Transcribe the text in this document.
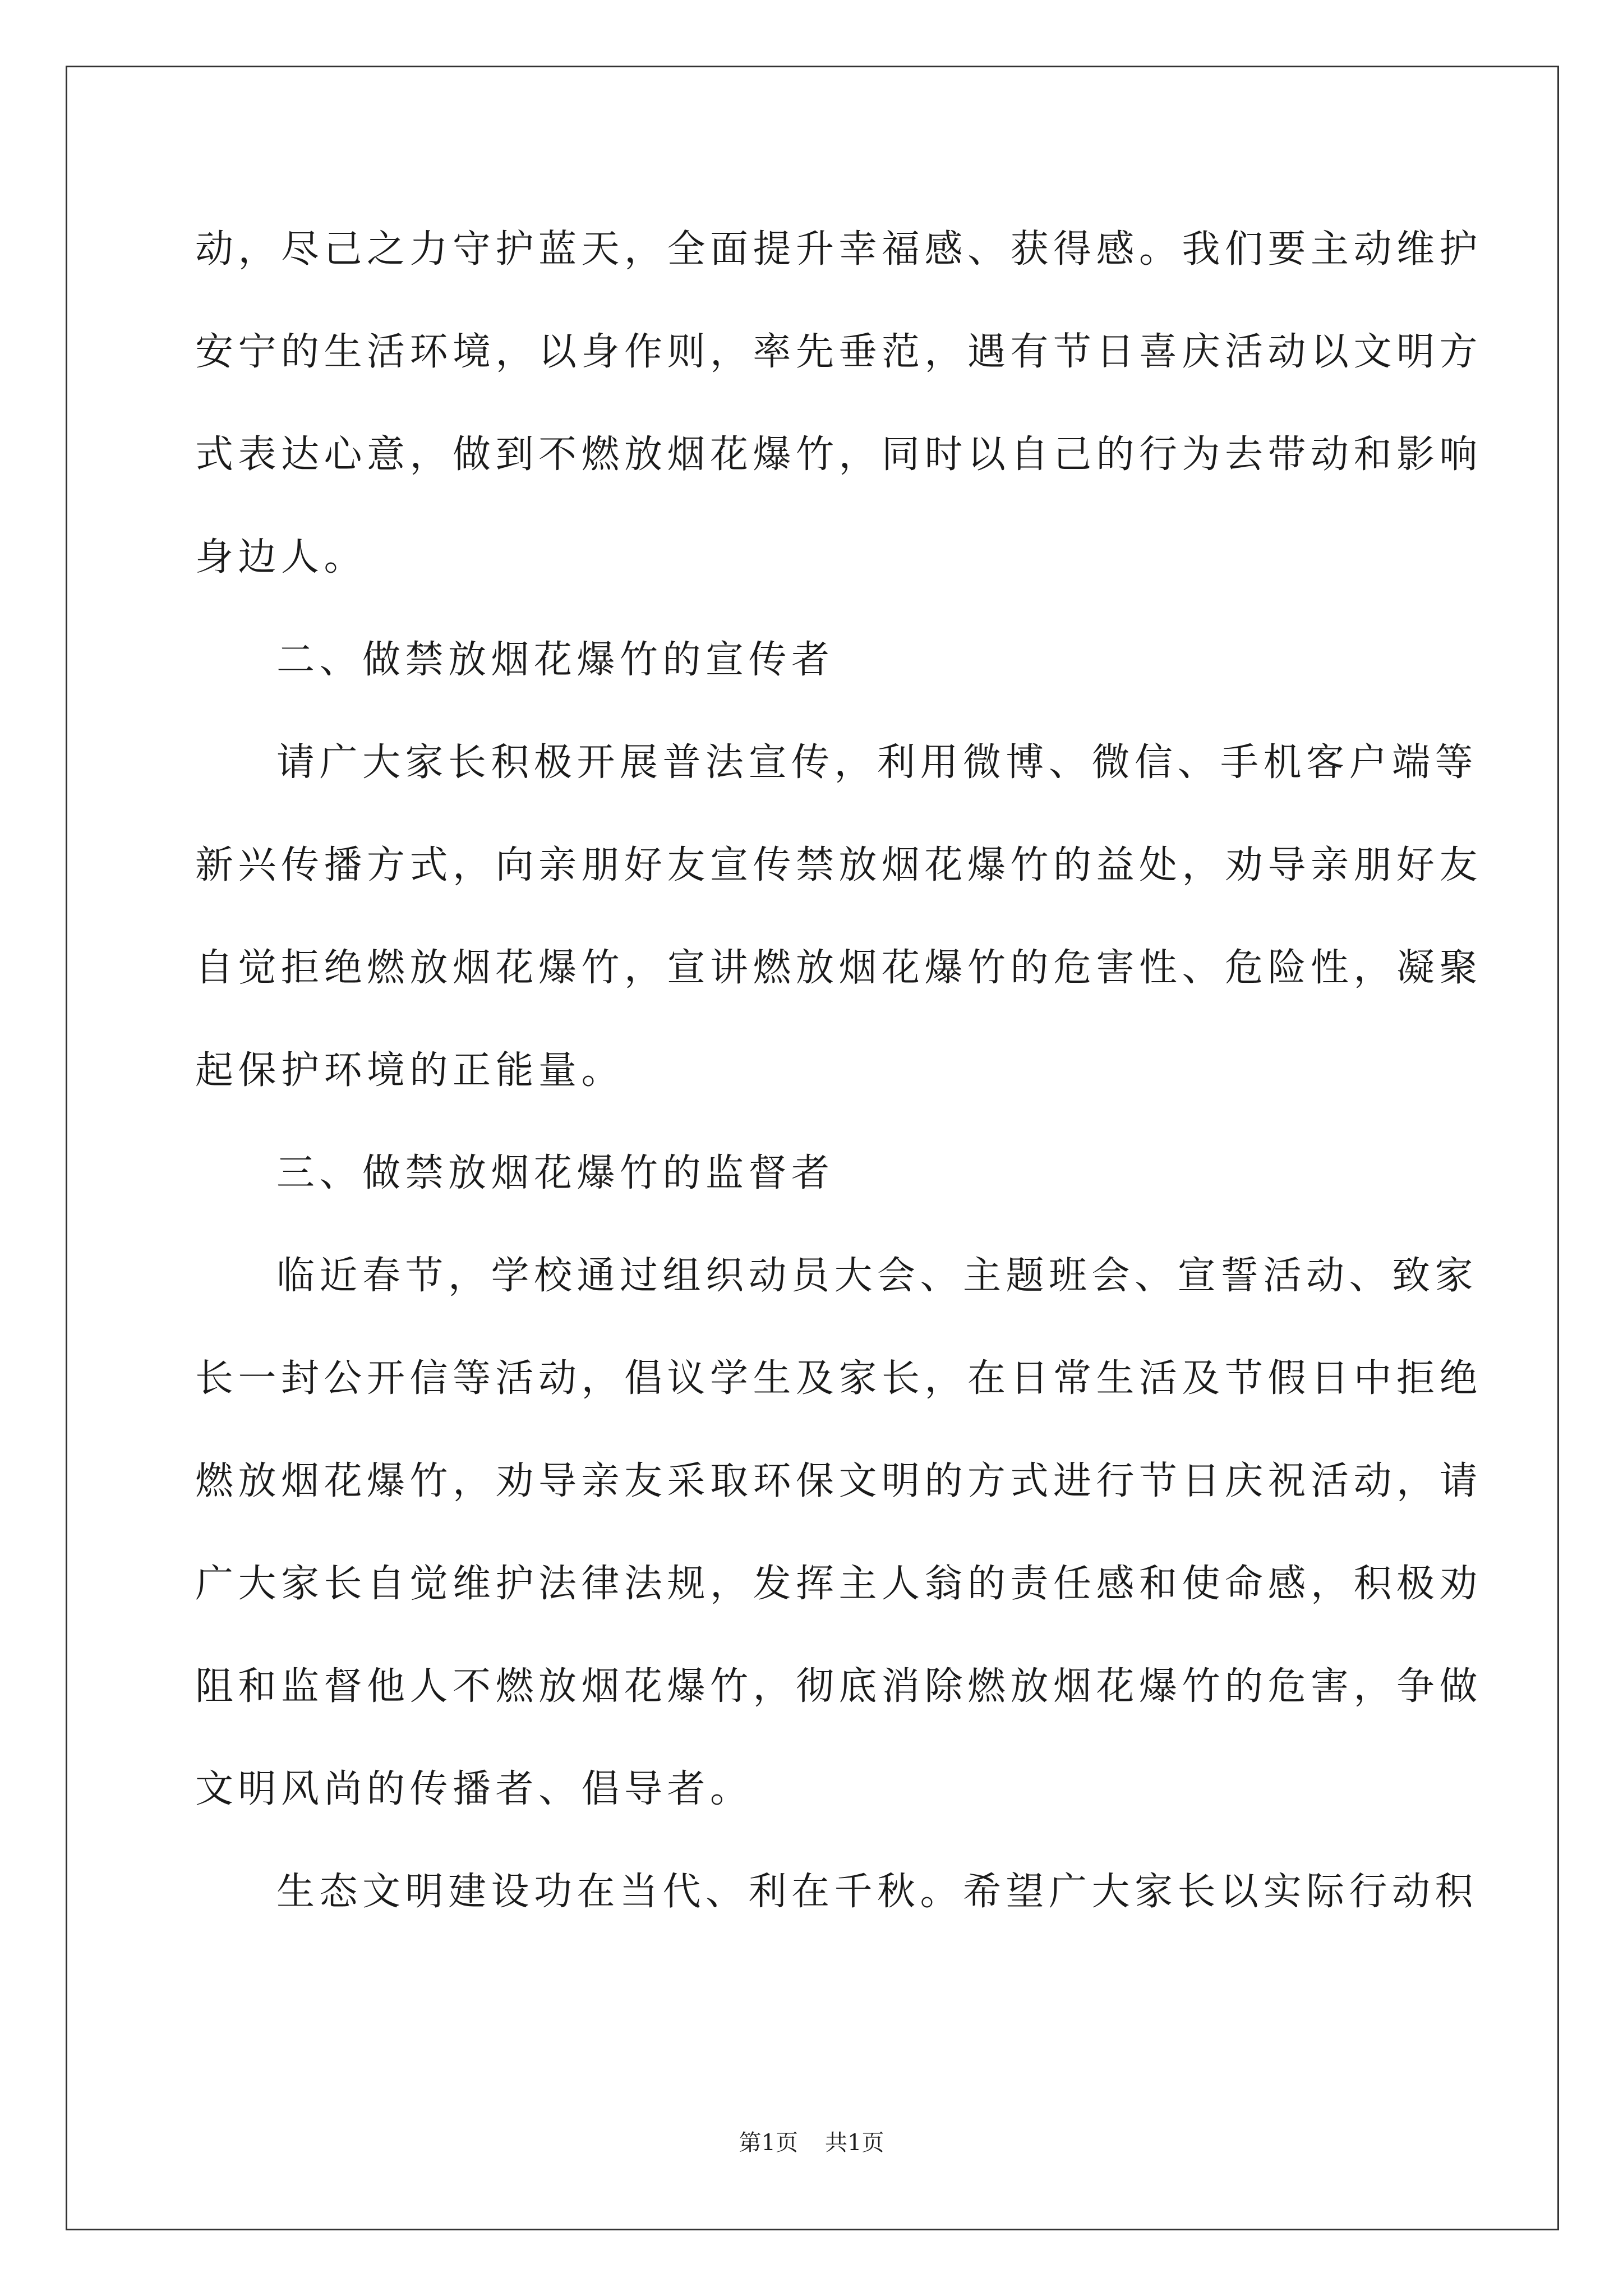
动，尽己之力守护蓝天，全面提升幸福感、获得感。我们要主动维护
安宁的生活环境，以身作则，率先垂范，遇有节日喜庆活动以文明方
式表达心意，做到不燃放烟花爆竹，同时以自己的行为去带动和影响
身边人。
二、做禁放烟花爆竹的宣传者
请广大家长积极开展普法宣传，利用微博、微信、手机客户端等
新兴传播方式，向亲朋好友宣传禁放烟花爆竹的益处，劝导亲朋好友
自觉拒绝燃放烟花爆竹，宣讲燃放烟花爆竹的危害性、危险性，凝聚
起保护环境的正能量。
三、做禁放烟花爆竹的监督者
临近春节，学校通过组织动员大会、主题班会、宣誓活动、致家
长一封公开信等活动，倡议学生及家长，在日常生活及节假日中拒绝
燃放烟花爆竹，劝导亲友采取环保文明的方式进行节日庆祝活动，请
广大家长自觉维护法律法规，发挥主人翁的责任感和使命感，积极劝
阻和监督他人不燃放烟花爆竹，彻底消除燃放烟花爆竹的危害，争做
文明风尚的传播者、倡导者。
生态文明建设功在当代、利在千秋。希望广大家长以实际行动积
第1页 共1页
